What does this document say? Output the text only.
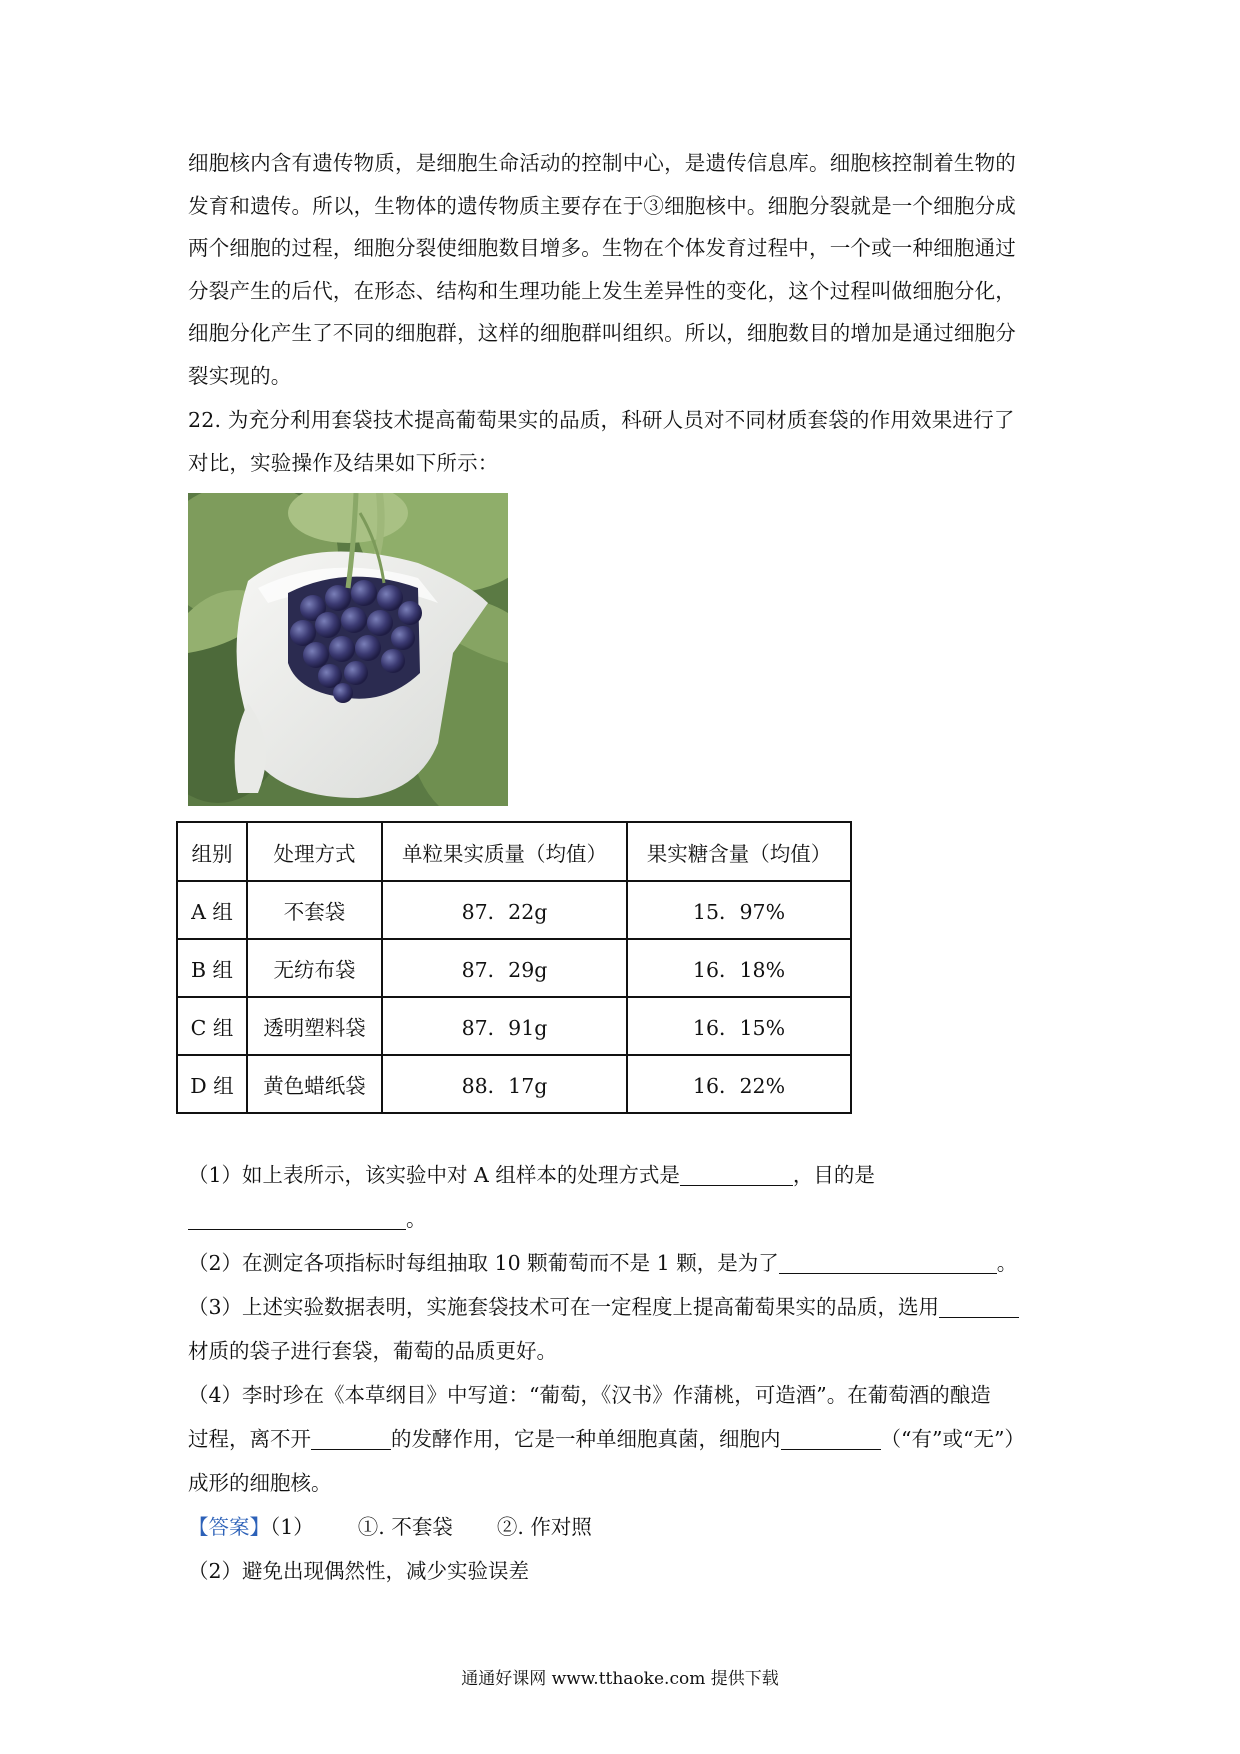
细胞核内含有遗传物质，是细胞生命活动的控制中心，是遗传信息库。细胞核控制着生物的
发育和遗传。所以，生物体的遗传物质主要存在于③细胞核中。细胞分裂就是一个细胞分成
两个细胞的过程，细胞分裂使细胞数目增多。生物在个体发育过程中，一个或一种细胞通过
分裂产生的后代，在形态、结构和生理功能上发生差异性的变化，这个过程叫做细胞分化，
细胞分化产生了不同的细胞群，这样的细胞群叫组织。所以，细胞数目的增加是通过细胞分
裂实现的。
22. 为充分利用套袋技术提高葡萄果实的品质，科研人员对不同材质套袋的作用效果进行了
对比，实验操作及结果如下所示：
组别	处理方式	单粒果实质量（均值）	果实糖含量（均值）
A 组	不套袋	87．22g	15．97%
B 组	无纺布袋	87．29g	16．18%
C 组	透明塑料袋	87．91g	16．15%
D 组	黄色蜡纸袋	88．17g	16．22%
（1）如上表所示，该实验中对 A 组样本的处理方式是	，目的是
。
（2）在测定各项指标时每组抽取 10 颗葡萄而不是 1 颗，是为了	。
（3）上述实验数据表明，实施套袋技术可在一定程度上提高葡萄果实的品质，选用
材质的袋子进行套袋，葡萄的品质更好。
（4）李时珍在《本草纲目》中写道：“葡萄，《汉书》作蒲桃，可造酒”。在葡萄酒的酿造
过程，离不开	的发酵作用，它是一种单细胞真菌，细胞内	（“有”或“无”）
成形的细胞核。
【答案】（1） ①. 不套袋 ②. 作对照
（2）避免出现偶然性，减少实验误差
通通好课网 www.tthaoke.com 提供下载
